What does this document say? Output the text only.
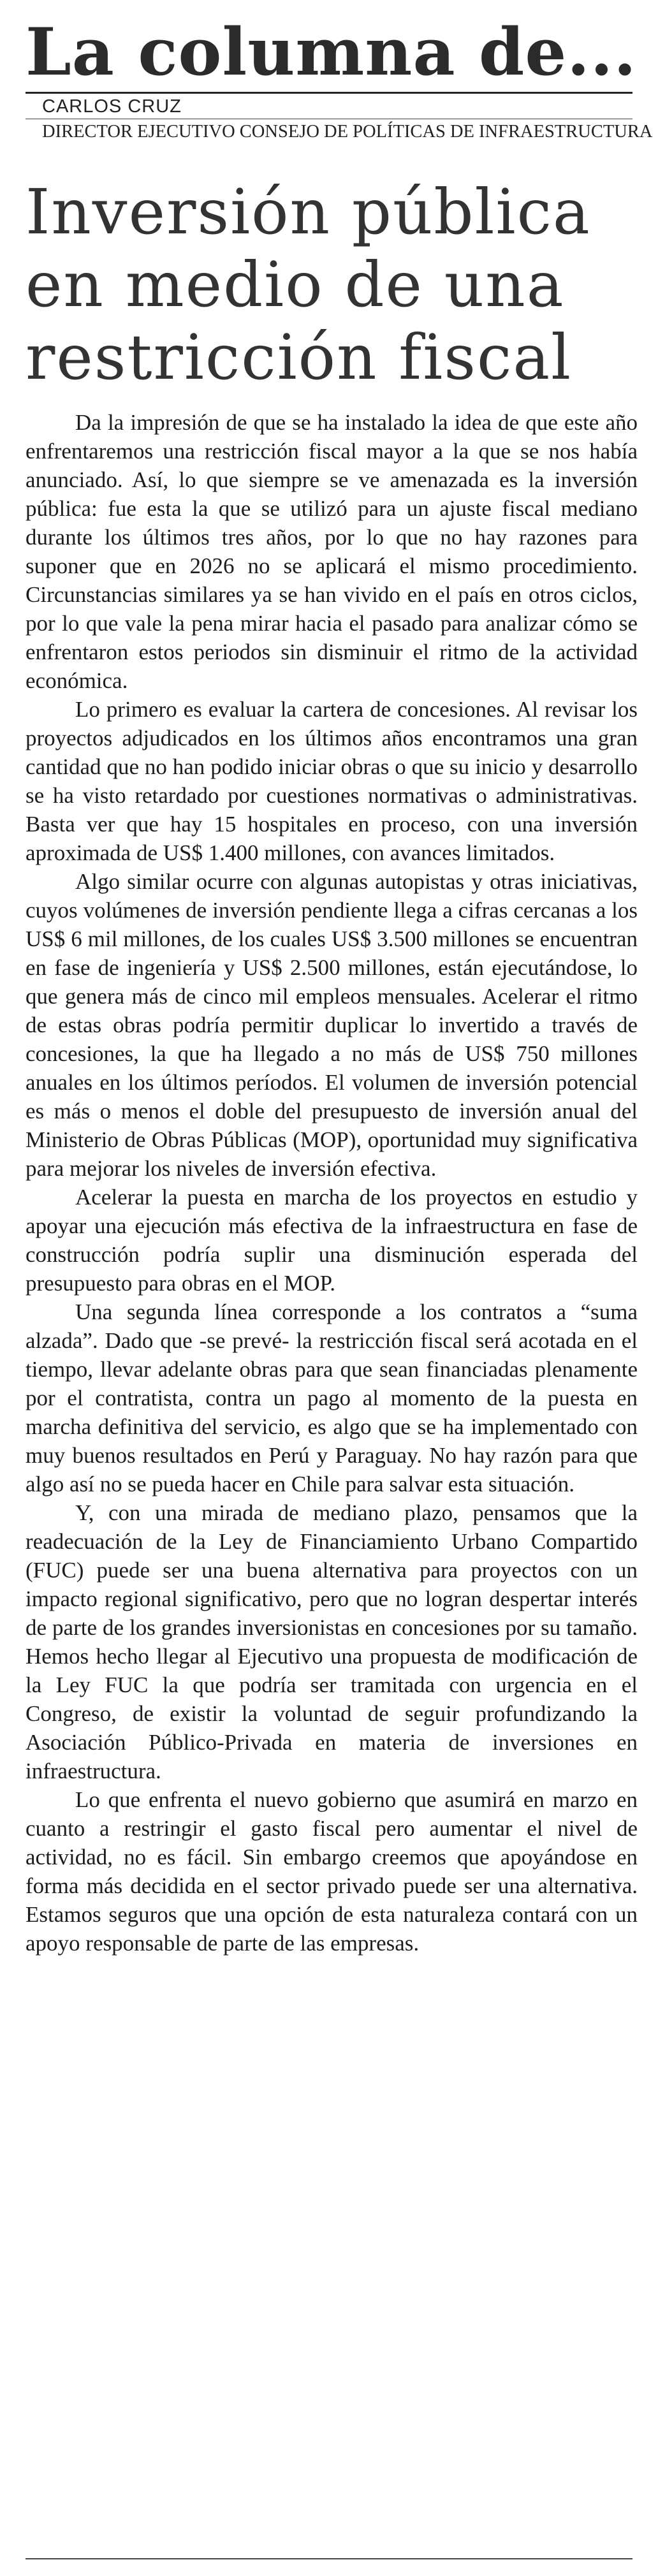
La columna de...
CARLOS CRUZ
DIRECTOR EJECUTIVO CONSEJO DE POLÍTICAS DE INFRAESTRUCTURA
Inversión pública en medio de una restricción fiscal

Da la impresión de que se ha instalado la idea de que este año enfrentaremos una restricción fiscal mayor a la que se nos había anunciado. Así, lo que siempre se ve amenazada es la inversión pública: fue esta la que se utilizó para un ajuste fiscal mediano durante los últimos tres años, por lo que no hay razones para suponer que en 2026 no se aplicará el mismo procedimiento. Circunstancias similares ya se han vivido en el país en otros ciclos, por lo que vale la pena mirar hacia el pasado para analizar cómo se enfrentaron estos periodos sin disminuir el ritmo de la actividad económica.

Lo primero es evaluar la cartera de concesiones. Al revisar los proyectos adjudicados en los últimos años encontramos una gran cantidad que no han podido iniciar obras o que su inicio y desarrollo se ha visto retardado por cuestiones normativas o administrativas. Basta ver que hay 15 hospitales en proceso, con una inversión aproximada de US$ 1.400 millones, con avances limitados.

Algo similar ocurre con algunas autopistas y otras iniciativas, cuyos volúmenes de inversión pendiente llega a cifras cercanas a los US$ 6 mil millones, de los cuales US$ 3.500 millones se encuentran en fase de ingeniería y US$ 2.500 millones, están ejecutándose, lo que genera más de cinco mil empleos mensuales. Acelerar el ritmo de estas obras podría permitir duplicar lo invertido a través de concesiones, la que ha llegado a no más de US$ 750 millones anuales en los últimos períodos. El volumen de inversión potencial es más o menos el doble del presupuesto de inversión anual del Ministerio de Obras Públicas (MOP), oportunidad muy significativa para mejorar los niveles de inversión efectiva.

Acelerar la puesta en marcha de los proyectos en estudio y apoyar una ejecución más efectiva de la infraestructura en fase de construcción podría suplir una disminución esperada del presupuesto para obras en el MOP.

Una segunda línea corresponde a los contratos a “suma alzada”. Dado que -se prevé- la restricción fiscal será acotada en el tiempo, llevar adelante obras para que sean financiadas plenamente por el contratista, contra un pago al momento de la puesta en marcha definitiva del servicio, es algo que se ha implementado con muy buenos resultados en Perú y Paraguay. No hay razón para que algo así no se pueda hacer en Chile para salvar esta situación.

Y, con una mirada de mediano plazo, pensamos que la readecuación de la Ley de Financiamiento Urbano Compartido (FUC) puede ser una buena alternativa para proyectos con un impacto regional significativo, pero que no logran despertar interés de parte de los grandes inversionistas en concesiones por su tamaño. Hemos hecho llegar al Ejecutivo una propuesta de modificación de la Ley FUC la que podría ser tramitada con urgencia en el Congreso, de existir la voluntad de seguir profundizando la Asociación Público-Privada en materia de inversiones en infraestructura.

Lo que enfrenta el nuevo gobierno que asumirá en marzo en cuanto a restringir el gasto fiscal pero aumentar el nivel de actividad, no es fácil. Sin embargo creemos que apoyándose en forma más decidida en el sector privado puede ser una alternativa. Estamos seguros que una opción de esta naturaleza contará con un apoyo responsable de parte de las empresas.
